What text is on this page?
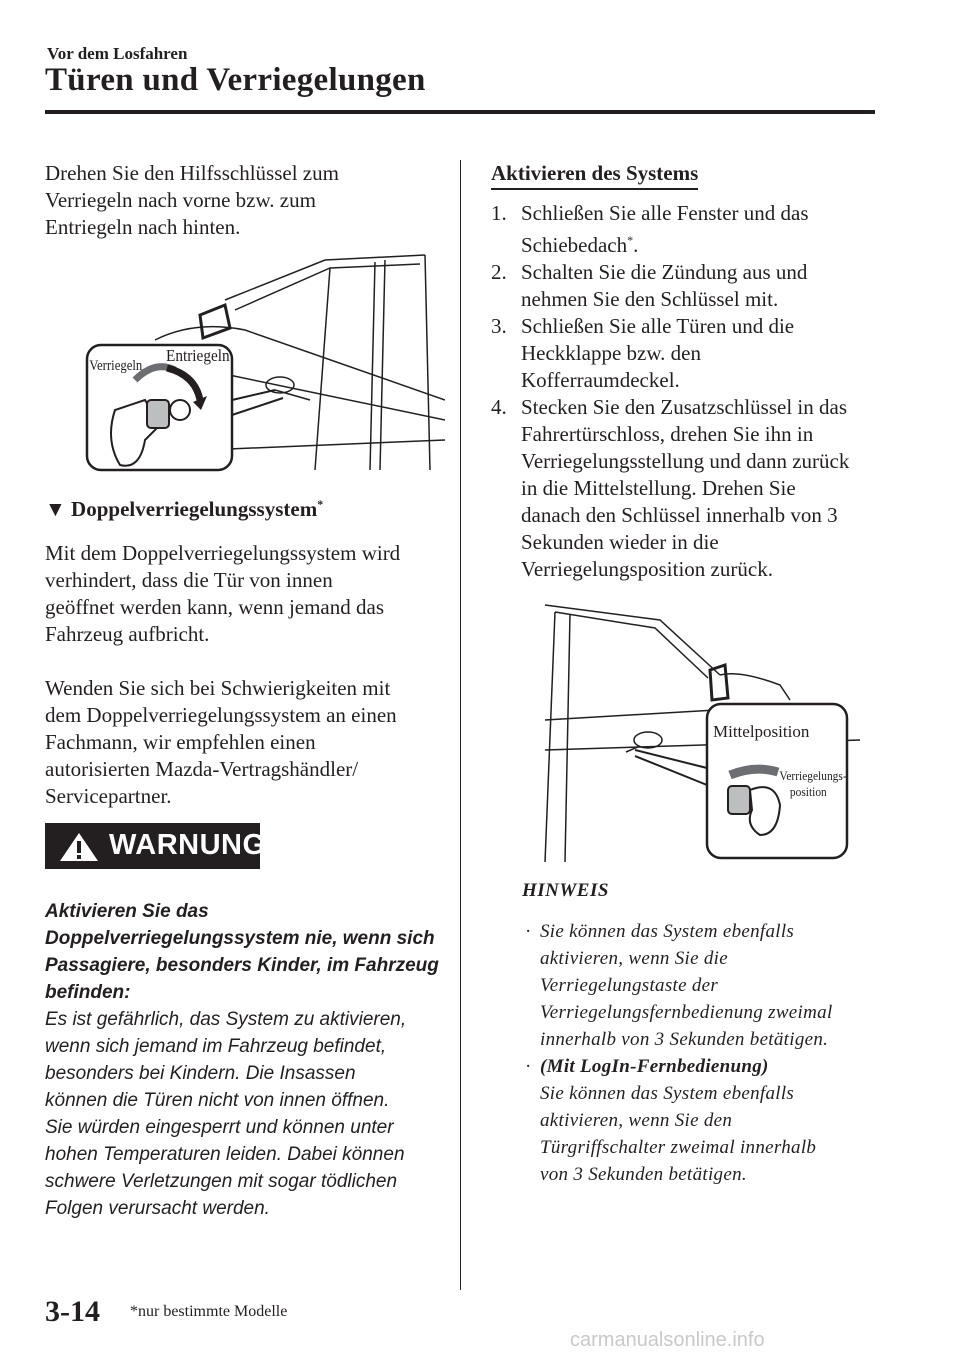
Vor dem Losfahren
Türen und Verriegelungen
Drehen Sie den Hilfsschlüssel zum
Verriegeln nach vorne bzw. zum
Entriegeln nach hinten.
Verriegeln
Entriegeln
▼ Doppelverriegelungssystem*
Mit dem Doppelverriegelungssystem wird
verhindert, dass die Tür von innen
geöffnet werden kann, wenn jemand das
Fahrzeug aufbricht.
Wenden Sie sich bei Schwierigkeiten mit
dem Doppelverriegelungssystem an einen
Fachmann, wir empfehlen einen
autorisierten Mazda-Vertragshändler/
Servicepartner.
WARNUNG
Aktivieren Sie das
Doppelverriegelungssystem nie, wenn sich
Passagiere, besonders Kinder, im Fahrzeug
befinden:
Es ist gefährlich, das System zu aktivieren,
wenn sich jemand im Fahrzeug befindet,
besonders bei Kindern. Die Insassen
können die Türen nicht von innen öffnen.
Sie würden eingesperrt und können unter
hohen Temperaturen leiden. Dabei können
schwere Verletzungen mit sogar tödlichen
Folgen verursacht werden.
Aktivieren des Systems
1. Schließen Sie alle Fenster und das
Schiebedach*.
2. Schalten Sie die Zündung aus und
nehmen Sie den Schlüssel mit.
3. Schließen Sie alle Türen und die
Heckklappe bzw. den
Kofferraumdeckel.
4. Stecken Sie den Zusatzschlüssel in das
Fahrertürschloss, drehen Sie ihn in
Verriegelungsstellung und dann zurück
in die Mittelstellung. Drehen Sie
danach den Schlüssel innerhalb von 3
Sekunden wieder in die
Verriegelungsposition zurück.
Mittelposition
Verriegelungs-
position
HINWEIS
· Sie können das System ebenfalls
aktivieren, wenn Sie die
Verriegelungstaste der
Verriegelungsfernbedienung zweimal
innerhalb von 3 Sekunden betätigen.
· (Mit LogIn-Fernbedienung)
Sie können das System ebenfalls
aktivieren, wenn Sie den
Türgriffschalter zweimal innerhalb
von 3 Sekunden betätigen.
3-14 *nur bestimmte Modelle
carmanualsonline.info
